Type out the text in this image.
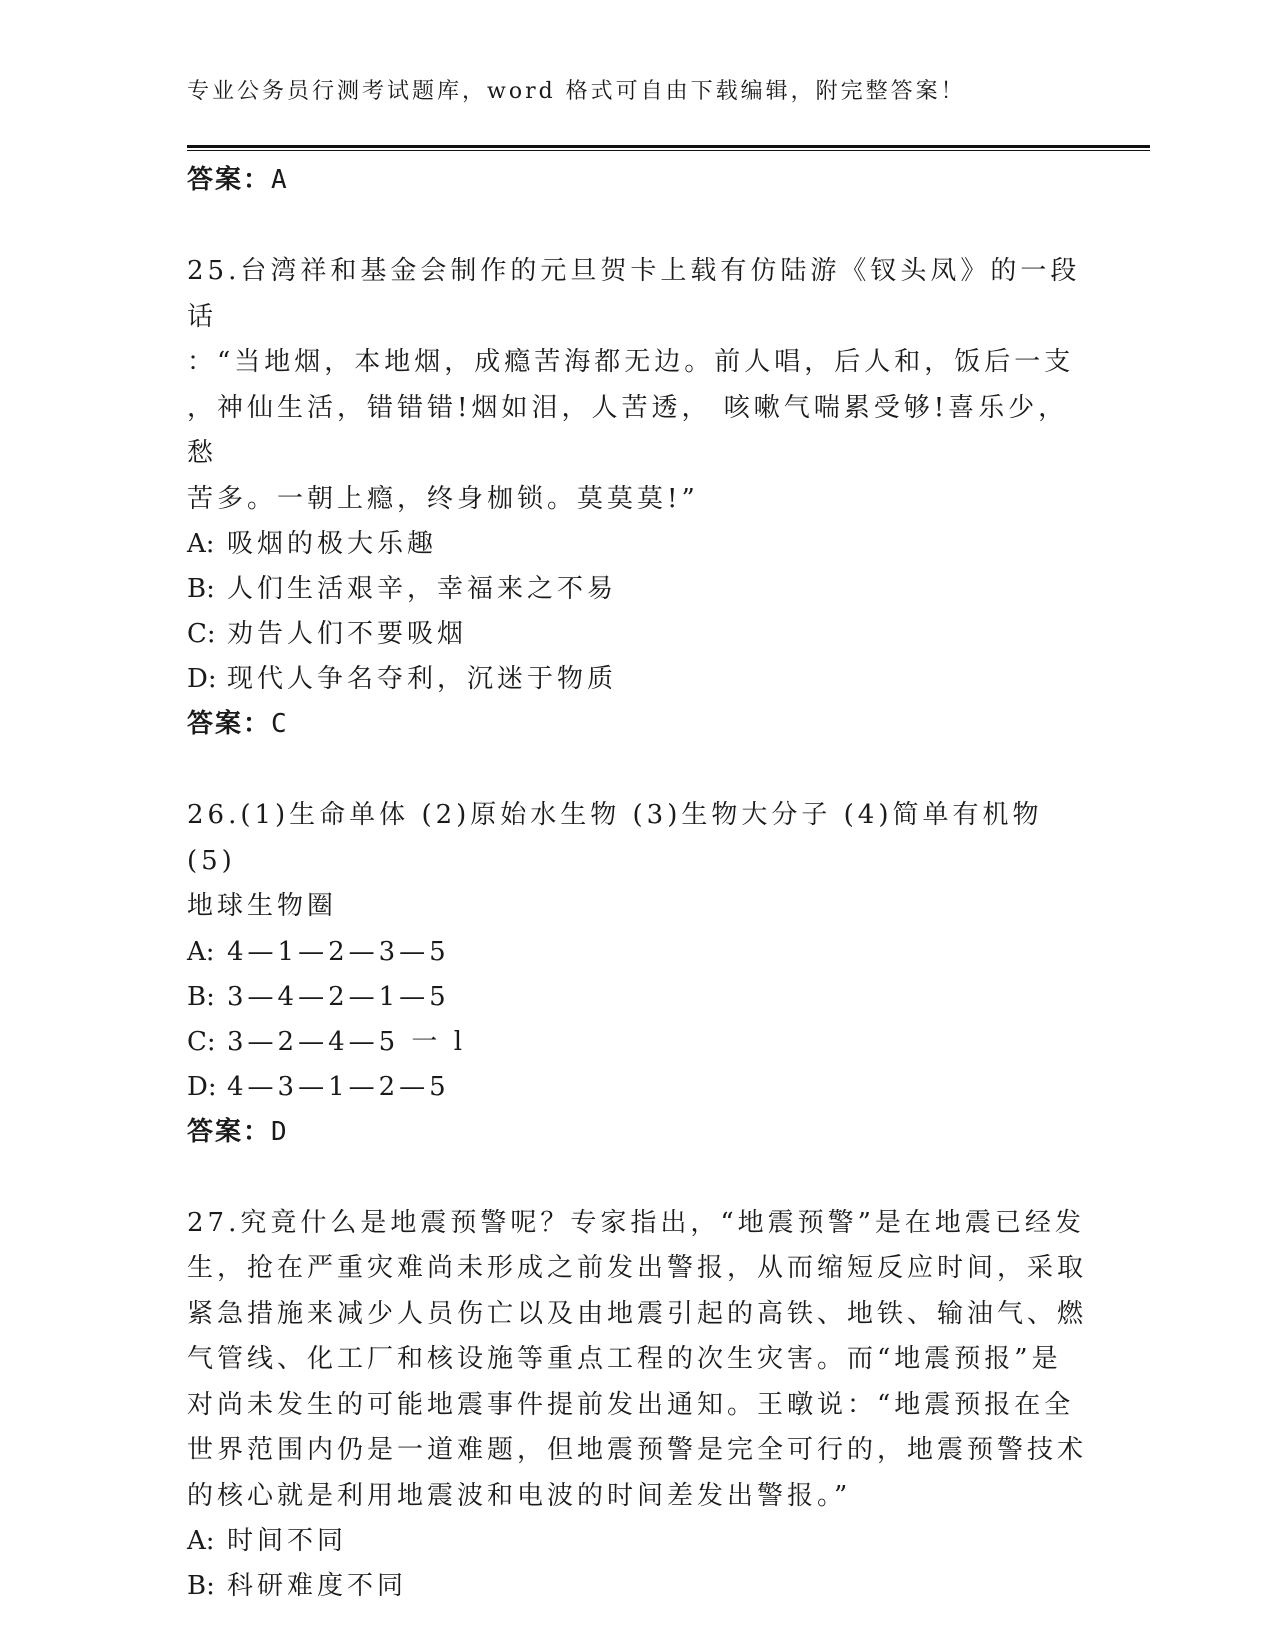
专业公务员行测考试题库，word 格式可自由下载编辑，附完整答案！
答案：A

25.台湾祥和基金会制作的元旦贺卡上载有仿陆游《钗头凤》的一段话

：“当地烟，本地烟，成瘾苦海都无边。前人唱，后人和，饭后一支

，神仙生活，错错错!烟如泪，人苦透， 咳嗽气喘累受够!喜乐少，愁

苦多。一朝上瘾，终身枷锁。莫莫莫!”

A: 吸烟的极大乐趣
B: 人们生活艰辛，幸福来之不易
C: 劝告人们不要吸烟
D: 现代人争名夺利，沉迷于物质
答案：C

26.(1)生命单体 (2)原始水生物 (3)生物大分子 (4)简单有机物 (5)

地球生物圈

A: 4—1—2—3—5
B: 3—4—2—1—5
C: 3—2—4—5 一 l
D: 4—3—1—2—5
答案：D

27.究竟什么是地震预警呢？专家指出，“地震预警”是在地震已经发

生，抢在严重灾难尚未形成之前发出警报，从而缩短反应时间，采取

紧急措施来减少人员伤亡以及由地震引起的高铁、地铁、输油气、燃

气管线、化工厂和核设施等重点工程的次生灾害。而“地震预报”是

对尚未发生的可能地震事件提前发出通知。王暾说：“地震预报在全

世界范围内仍是一道难题，但地震预警是完全可行的，地震预警技术

的核心就是利用地震波和电波的时间差发出警报。”

A: 时间不同
B: 科研难度不同
